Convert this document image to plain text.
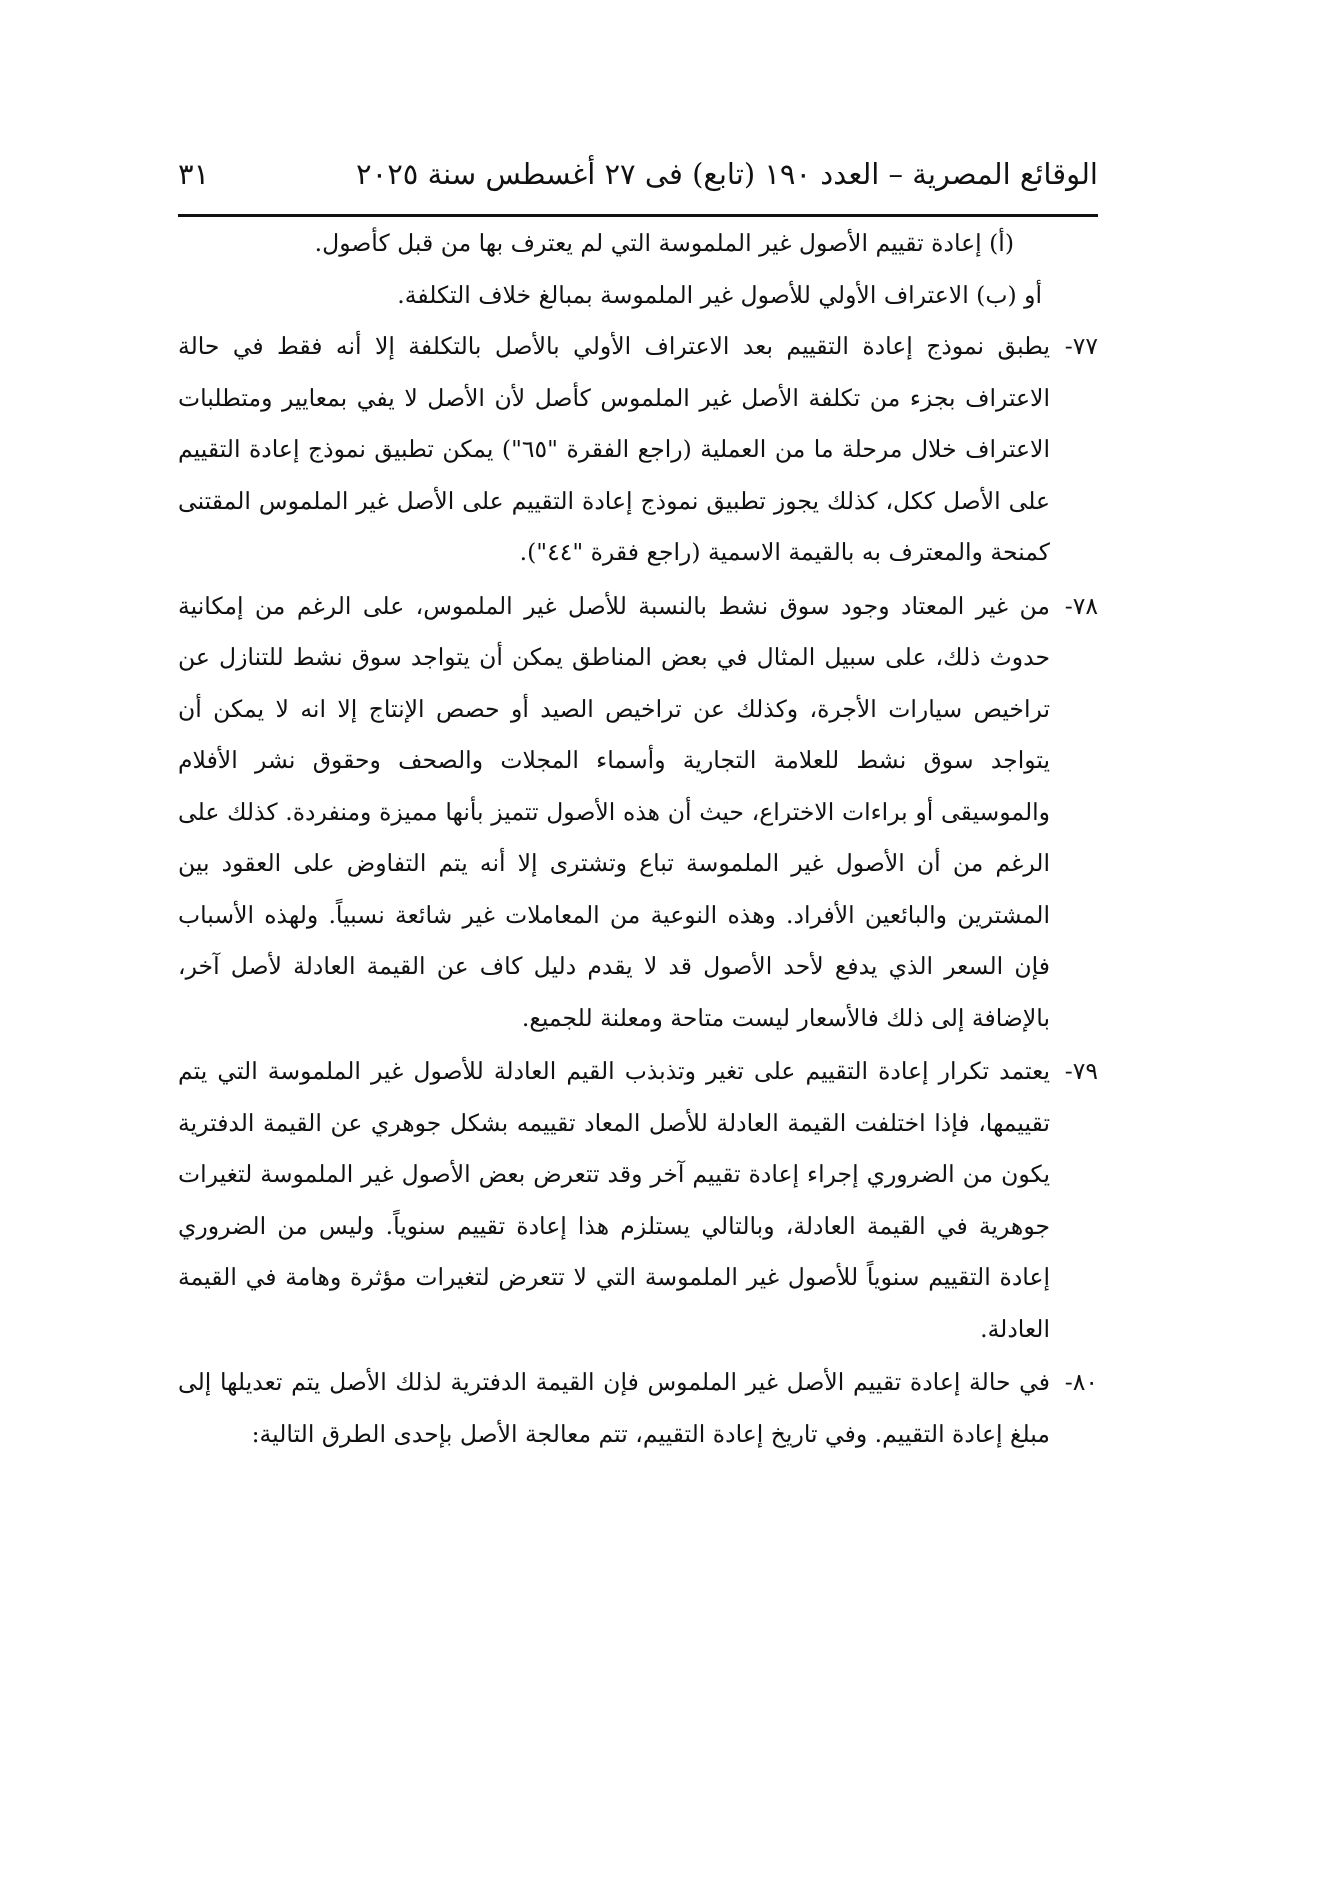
الوقائع المصرية – العدد ١٩٠ (تابع) فى ٢٧ أغسطس سنة ٢٠٢٥
٣١
(أ) إعادة تقييم الأصول غير الملموسة التي لم يعترف بها من قبل كأصول.
أو (ب) الاعتراف الأولي للأصول غير الملموسة بمبالغ خلاف التكلفة.
٧٧-
يطبق نموذج إعادة التقييم بعد الاعتراف الأولي بالأصل بالتكلفة إلا أنه فقط في حالة الاعتراف بجزء من تكلفة الأصل غير الملموس كأصل لأن الأصل لا يفي بمعايير ومتطلبات الاعتراف خلال مرحلة ما من العملية (راجع الفقرة "٦٥") يمكن تطبيق نموذج إعادة التقييم على الأصل ككل، كذلك يجوز تطبيق نموذج إعادة التقييم على الأصل غير الملموس المقتنى كمنحة والمعترف به بالقيمة الاسمية (راجع فقرة "٤٤").
٧٨-
من غير المعتاد وجود سوق نشط بالنسبة للأصل غير الملموس، على الرغم من إمكانية حدوث ذلك، على سبيل المثال في بعض المناطق يمكن أن يتواجد سوق نشط للتنازل عن تراخيص سيارات الأجرة، وكذلك عن تراخيص الصيد أو حصص الإنتاج إلا انه لا يمكن أن يتواجد سوق نشط للعلامة التجارية وأسماء المجلات والصحف وحقوق نشر الأفلام والموسيقى أو براءات الاختراع، حيث أن هذه الأصول تتميز بأنها مميزة ومنفردة. كذلك على الرغم من أن الأصول غير الملموسة تباع وتشترى إلا أنه يتم التفاوض على العقود بين المشترين والبائعين الأفراد. وهذه النوعية من المعاملات غير شائعة نسبياً. ولهذه الأسباب فإن السعر الذي يدفع لأحد الأصول قد لا يقدم دليل كاف عن القيمة العادلة لأصل آخر، بالإضافة إلى ذلك فالأسعار ليست متاحة ومعلنة للجميع.
٧٩-
يعتمد تكرار إعادة التقييم على تغير وتذبذب القيم العادلة للأصول غير الملموسة التي يتم تقييمها، فإذا اختلفت القيمة العادلة للأصل المعاد تقييمه بشكل جوهري عن القيمة الدفترية يكون من الضروري إجراء إعادة تقييم آخر وقد تتعرض بعض الأصول غير الملموسة لتغيرات جوهرية في القيمة العادلة، وبالتالي يستلزم هذا إعادة تقييم سنوياً. وليس من الضروري إعادة التقييم سنوياً للأصول غير الملموسة التي لا تتعرض لتغيرات مؤثرة وهامة في القيمة العادلة.
٨٠-
في حالة إعادة تقييم الأصل غير الملموس فإن القيمة الدفترية لذلك الأصل يتم تعديلها إلى مبلغ إعادة التقييم. وفي تاريخ إعادة التقييم، تتم معالجة الأصل بإحدى الطرق التالية:
